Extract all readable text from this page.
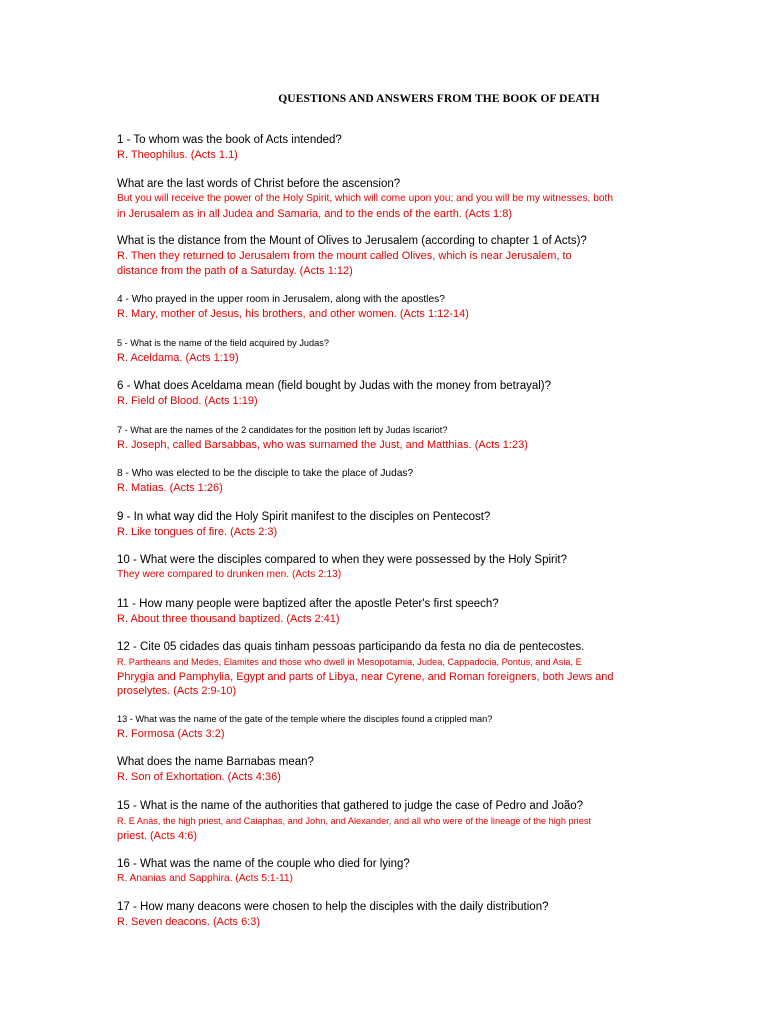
QUESTIONS AND ANSWERS FROM THE BOOK OF DEATH
1 - To whom was the book of Acts intended?
R. Theophilus. (Acts 1.1)
What are the last words of Christ before the ascension?
But you will receive the power of the Holy Spirit, which will come upon you; and you will be my witnesses, both
in Jerusalem as in all Judea and Samaria, and to the ends of the earth. (Acts 1:8)
What is the distance from the Mount of Olives to Jerusalem (according to chapter 1 of Acts)?
R. Then they returned to Jerusalem from the mount called Olives, which is near Jerusalem, to
distance from the path of a Saturday. (Acts 1:12)
4 - Who prayed in the upper room in Jerusalem, along with the apostles?
R. Mary, mother of Jesus, his brothers, and other women. (Acts 1:12-14)
5 - What is the name of the field acquired by Judas?
R. Aceldama. (Acts 1:19)
6 - What does Aceldama mean (field bought by Judas with the money from betrayal)?
R. Field of Blood. (Acts 1:19)
7 - What are the names of the 2 candidates for the position left by Judas Iscariot?
R. Joseph, called Barsabbas, who was surnamed the Just, and Matthias. (Acts 1:23)
8 - Who was elected to be the disciple to take the place of Judas?
R. Matias. (Acts 1:26)
9 - In what way did the Holy Spirit manifest to the disciples on Pentecost?
R. Like tongues of fire. (Acts 2:3)
10 - What were the disciples compared to when they were possessed by the Holy Spirit?
They were compared to drunken men. (Acts 2:13)
11 - How many people were baptized after the apostle Peter's first speech?
R. About three thousand baptized. (Acts 2:41)
12 - Cite 05 cidades das quais tinham pessoas participando da festa no dia de pentecostes.
R. Partheans and Medes, Elamites and those who dwell in Mesopotamia, Judea, Cappadocia, Pontus, and Asia, E
Phrygia and Pamphylia, Egypt and parts of Libya, near Cyrene, and Roman foreigners, both Jews and
proselytes. (Acts 2:9-10)
13 - What was the name of the gate of the temple where the disciples found a crippled man?
R. Formosa (Acts 3:2)
What does the name Barnabas mean?
R. Son of Exhortation. (Acts 4:36)
15 - What is the name of the authorities that gathered to judge the case of Pedro and João?
R. E Anás, the high priest, and Caiaphas, and John, and Alexander, and all who were of the lineage of the high priest
priest. (Acts 4:6)
16 - What was the name of the couple who died for lying?
R. Ananias and Sapphira. (Acts 5:1-11)
17 - How many deacons were chosen to help the disciples with the daily distribution?
R. Seven deacons. (Acts 6:3)
